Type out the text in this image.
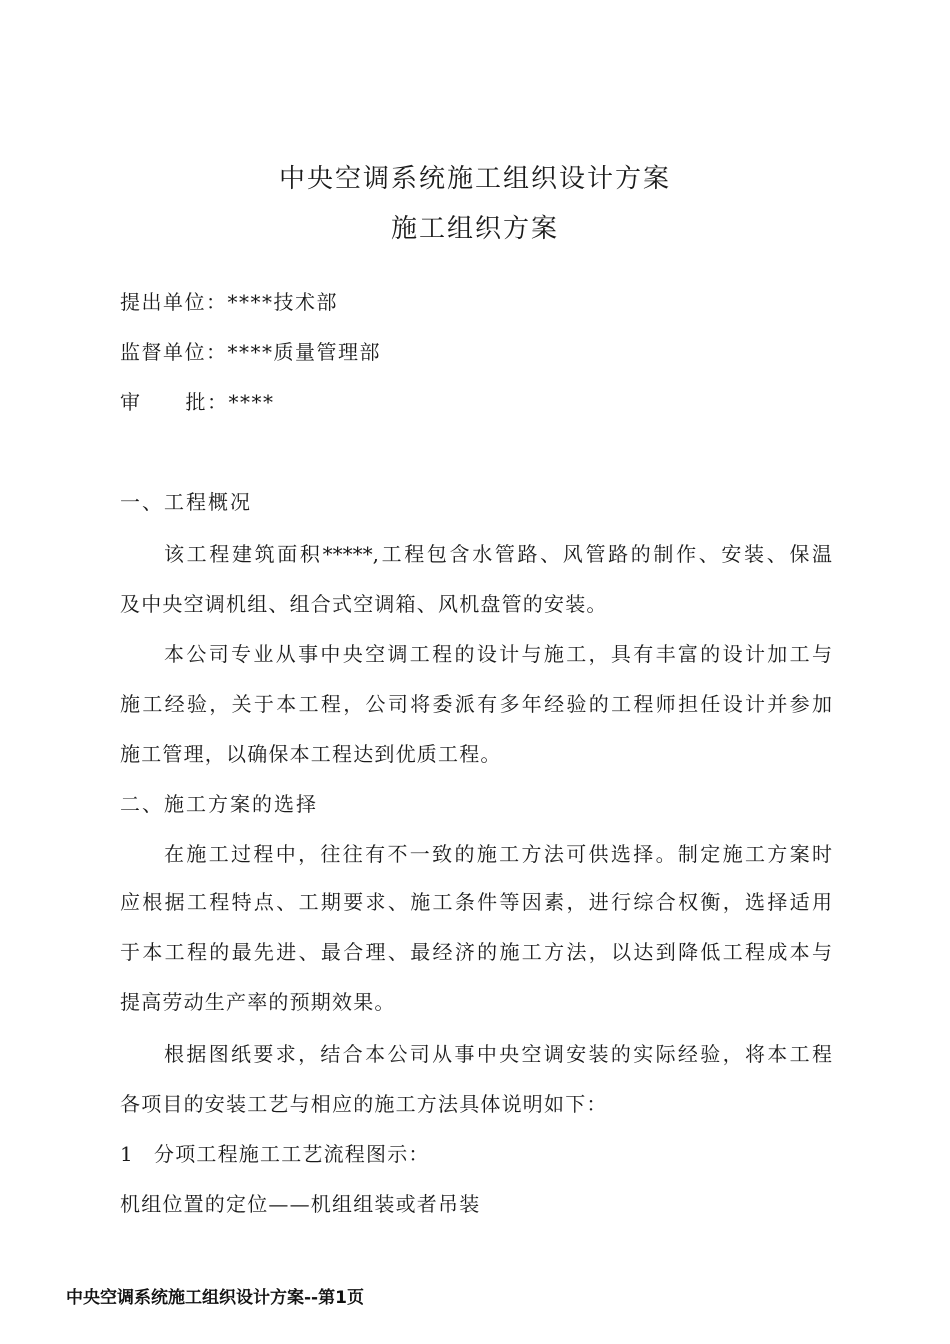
中央空调系统施工组织设计方案
施工组织方案
提出单位：****技术部
监督单位：****质量管理部
审 批：****
一、工程概况
该工程建筑面积*****,工程包含水管路、风管路的制作、安装、保温
及中央空调机组、组合式空调箱、风机盘管的安装。
本公司专业从事中央空调工程的设计与施工，具有丰富的设计加工与
施工经验，关于本工程，公司将委派有多年经验的工程师担任设计并参加
施工管理，以确保本工程达到优质工程。
二、施工方案的选择
在施工过程中，往往有不一致的施工方法可供选择。制定施工方案时
应根据工程特点、工期要求、施工条件等因素，进行综合权衡，选择适用
于本工程的最先进、最合理、最经济的施工方法，以达到降低工程成本与
提高劳动生产率的预期效果。
根据图纸要求，结合本公司从事中央空调安装的实际经验，将本工程
各项目的安装工艺与相应的施工方法具体说明如下：
1 分项工程施工工艺流程图示：
机组位置的定位——机组组装或者吊装
中央空调系统施工组织设计方案--第1页
